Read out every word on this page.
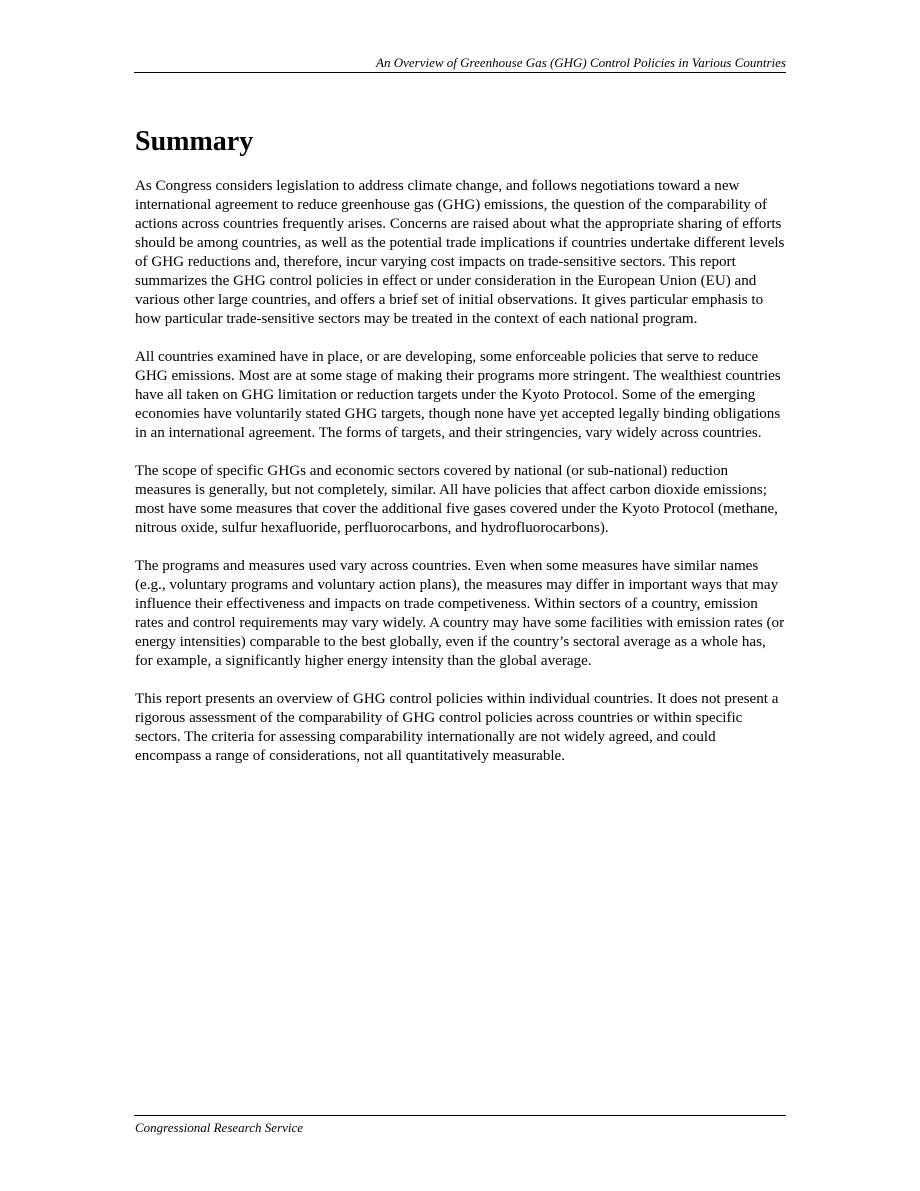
An Overview of Greenhouse Gas (GHG) Control Policies in Various Countries
Summary

As Congress considers legislation to address climate change, and follows negotiations toward a new international agreement to reduce greenhouse gas (GHG) emissions, the question of the comparability of actions across countries frequently arises. Concerns are raised about what the appropriate sharing of efforts should be among countries, as well as the potential trade implications if countries undertake different levels of GHG reductions and, therefore, incur varying cost impacts on trade-sensitive sectors. This report summarizes the GHG control policies in effect or under consideration in the European Union (EU) and various other large countries, and offers a brief set of initial observations. It gives particular emphasis to how particular trade-sensitive sectors may be treated in the context of each national program.

All countries examined have in place, or are developing, some enforceable policies that serve to reduce GHG emissions. Most are at some stage of making their programs more stringent. The wealthiest countries have all taken on GHG limitation or reduction targets under the Kyoto Protocol. Some of the emerging economies have voluntarily stated GHG targets, though none have yet accepted legally binding obligations in an international agreement. The forms of targets, and their stringencies, vary widely across countries.

The scope of specific GHGs and economic sectors covered by national (or sub-national) reduction measures is generally, but not completely, similar. All have policies that affect carbon dioxide emissions; most have some measures that cover the additional five gases covered under the Kyoto Protocol (methane, nitrous oxide, sulfur hexafluoride, perfluorocarbons, and hydrofluorocarbons).

The programs and measures used vary across countries. Even when some measures have similar names (e.g., voluntary programs and voluntary action plans), the measures may differ in important ways that may influence their effectiveness and impacts on trade competiveness. Within sectors of a country, emission rates and control requirements may vary widely. A country may have some facilities with emission rates (or energy intensities) comparable to the best globally, even if the country’s sectoral average as a whole has, for example, a significantly higher energy intensity than the global average.

This report presents an overview of GHG control policies within individual countries. It does not present a rigorous assessment of the comparability of GHG control policies across countries or within specific sectors. The criteria for assessing comparability internationally are not widely agreed, and could encompass a range of considerations, not all quantitatively measurable.

Congressional Research Service
